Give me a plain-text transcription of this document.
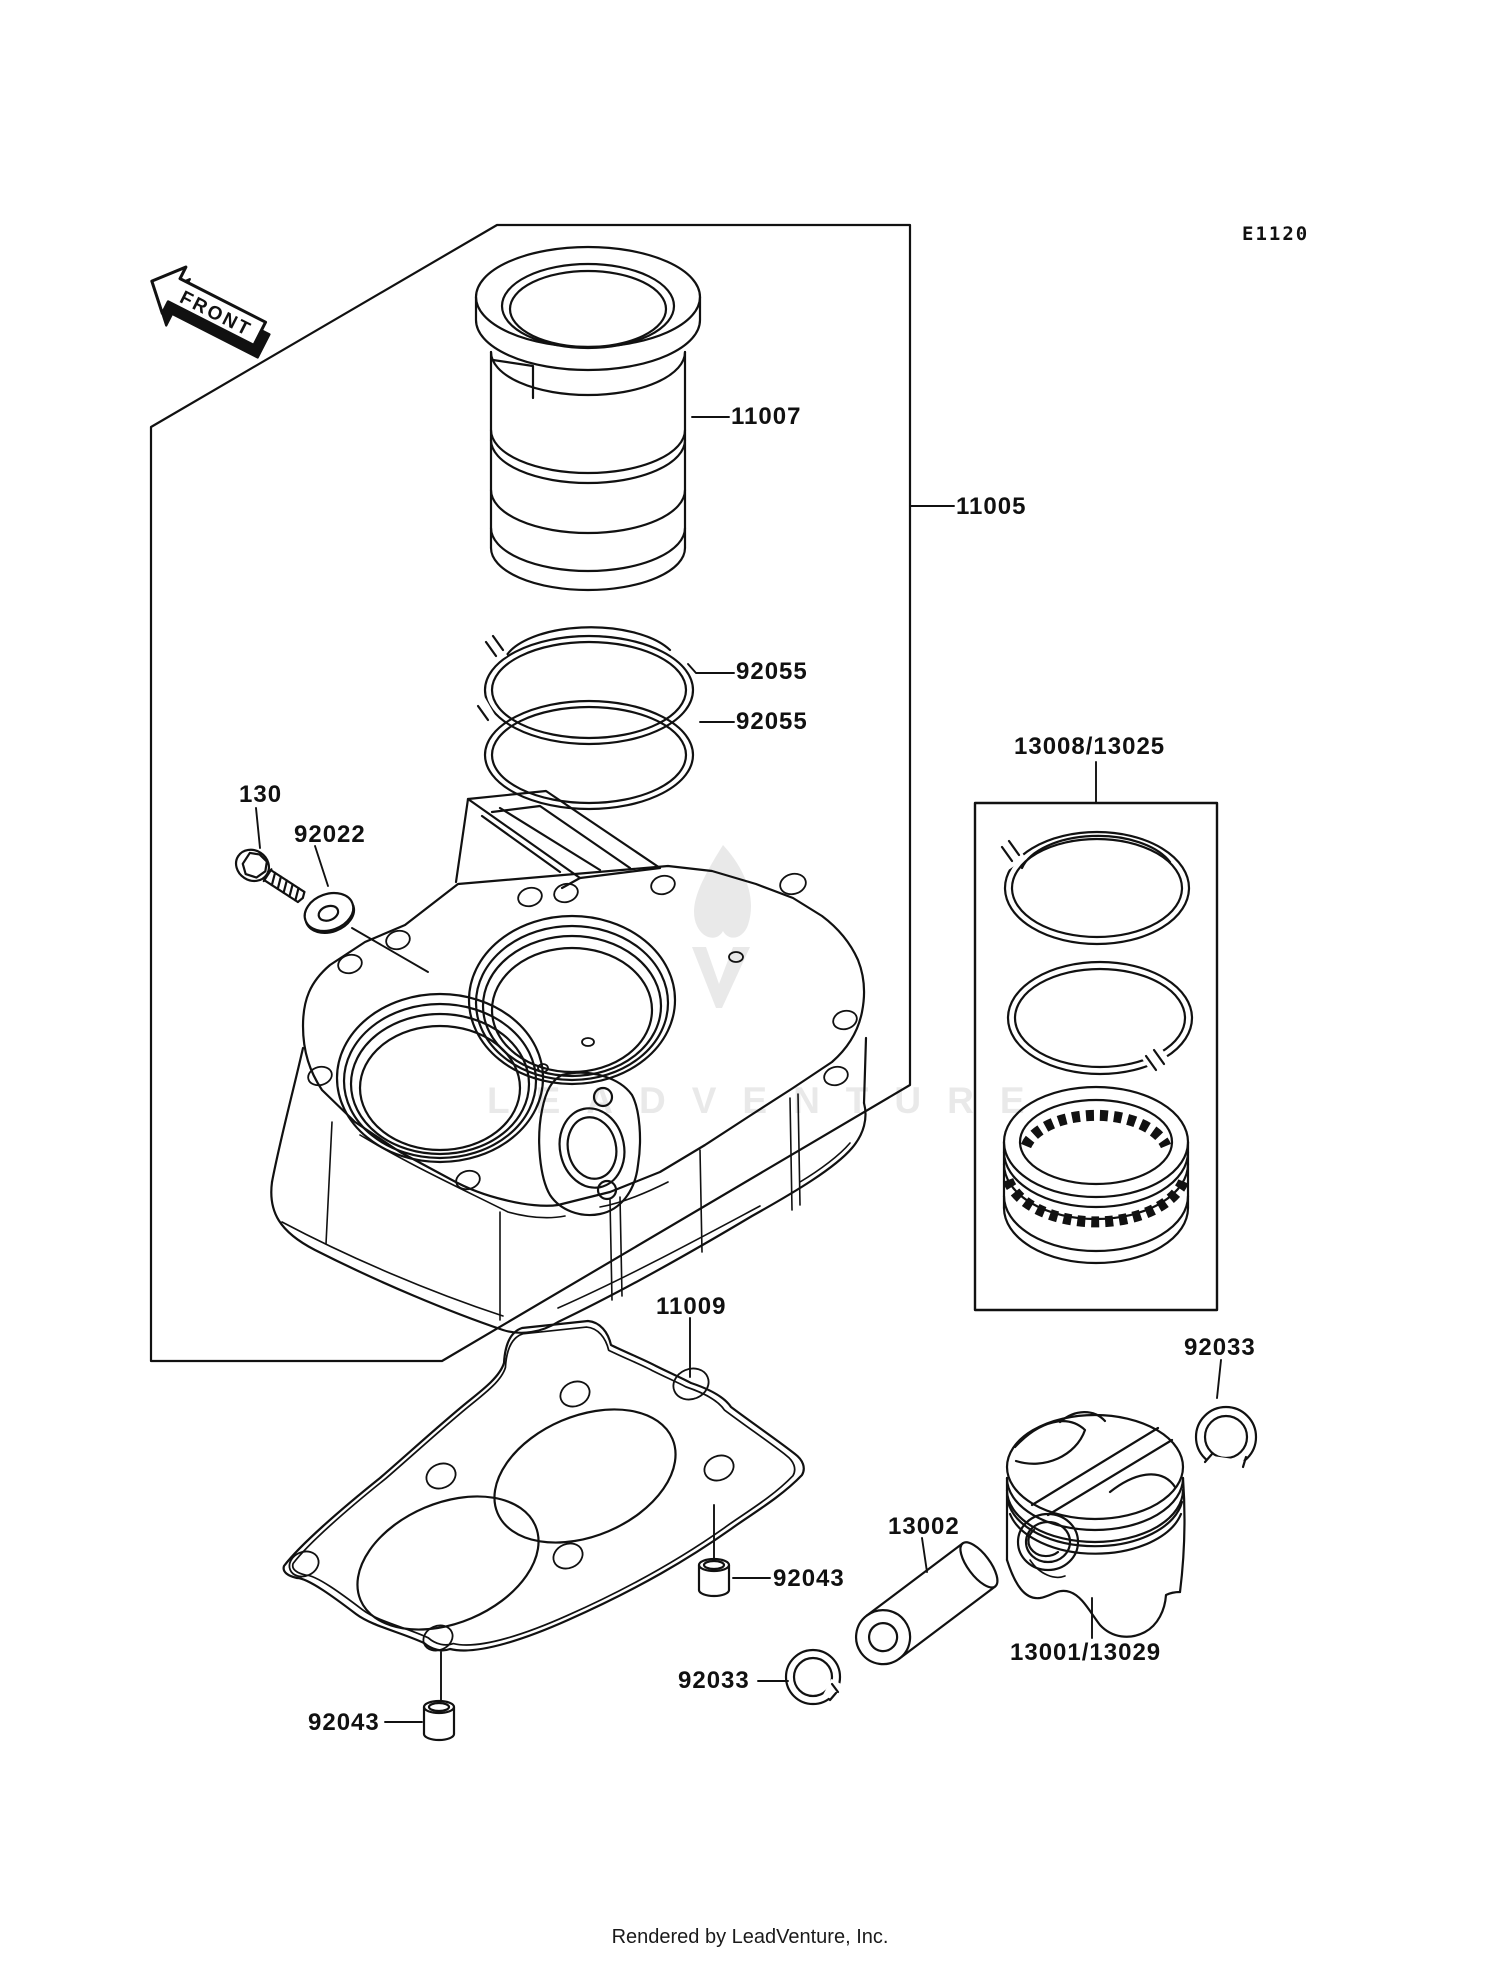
LEADVENTURE
FRONT
E1120
11007
11005
92055
92055
13008/13025
130
92022
11009
92033
13002
92043
13001/13029
92033
92043
Rendered by LeadVenture, Inc.
